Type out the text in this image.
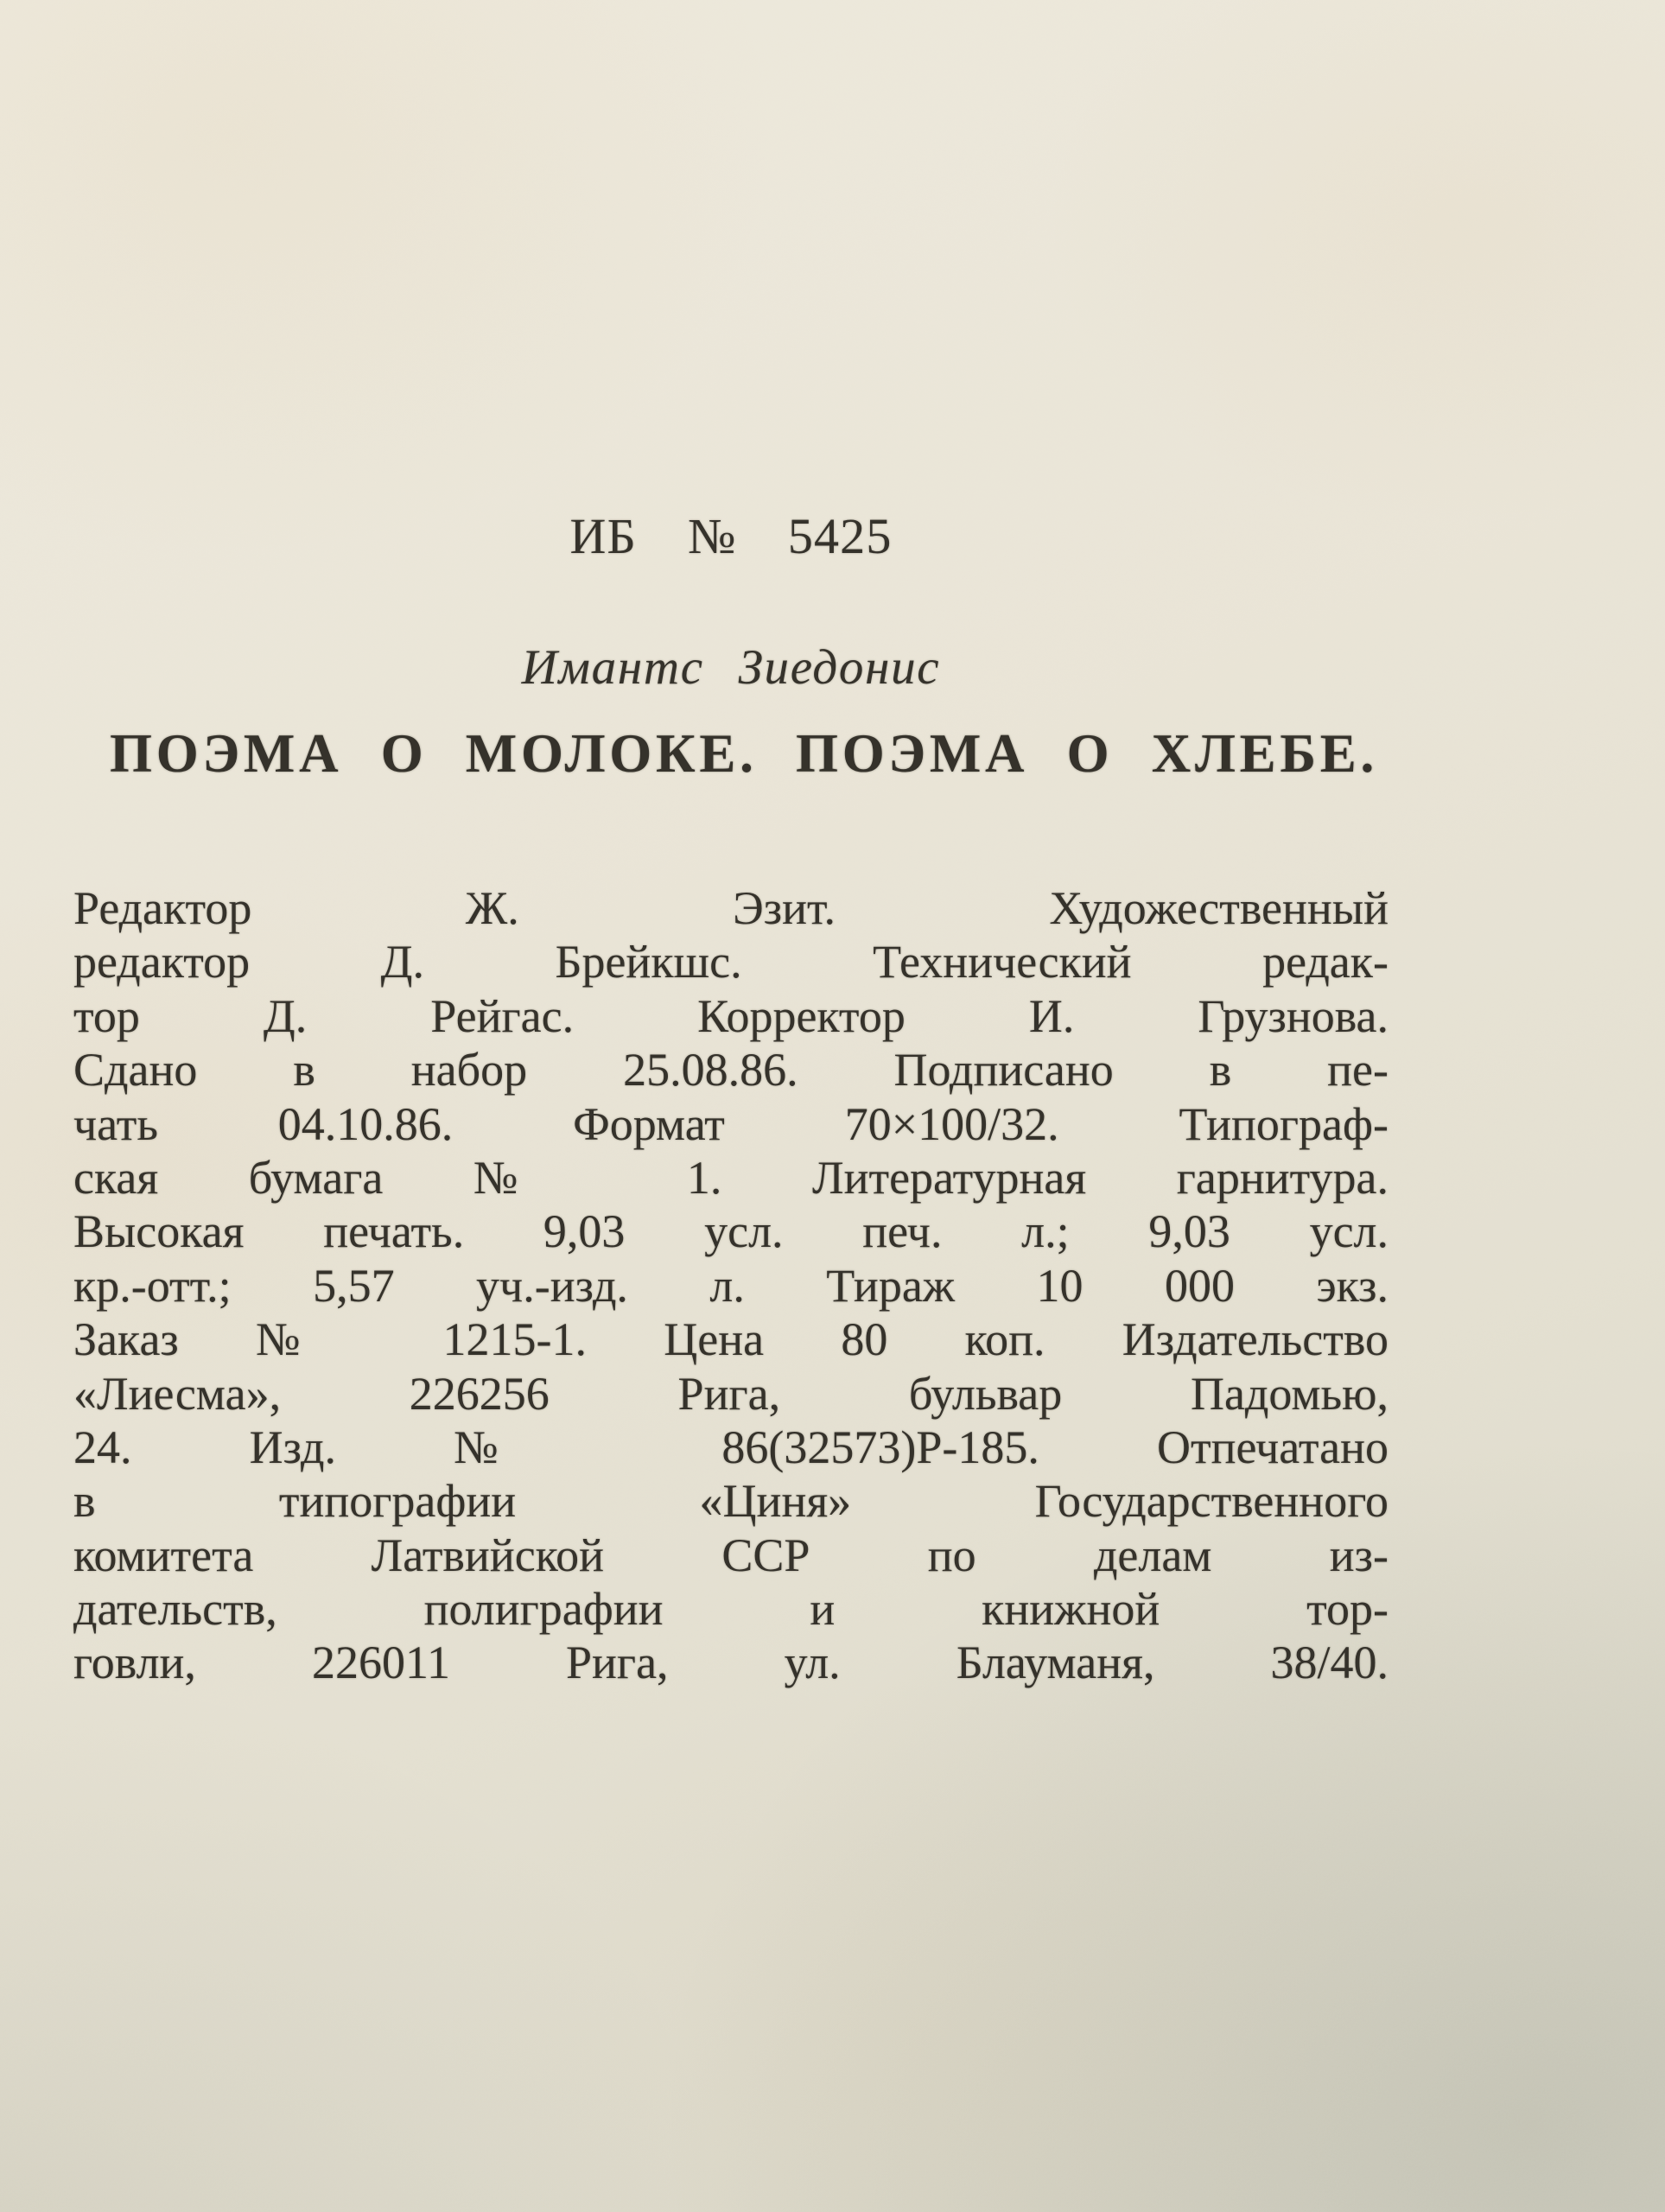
ИБ № 5425
Имантс Зиедонис
ПОЭМА О МОЛОКЕ. ПОЭМА О ХЛЕБЕ.
Редактор Ж. Эзит. Художественный
редактор Д. Брейкшс. Технический редак-
тор Д. Рейгас. Корректор И. Грузнова.
Сдано в набор 25.08.86. Подписано в пе-
чать 04.10.86. Формат 70×100/32. Типограф-
ская бумага № 1. Литературная гарнитура.
Высокая печать. 9,03 усл. печ. л.; 9,03 усл.
кр.-отт.; 5,57 уч.-изд. л. Тираж 10 000 экз.
Заказ № 1215-1. Цена 80 коп. Издательство
«Лиесма», 226256 Рига, бульвар Падомью,
24. Изд. № 86(32573)Р-185. Отпечатано
в типографии «Циня» Государственного
комитета Латвийской ССР по делам из-
дательств, полиграфии и книжной тор-
говли, 226011 Рига, ул. Блауманя, 38/40.
